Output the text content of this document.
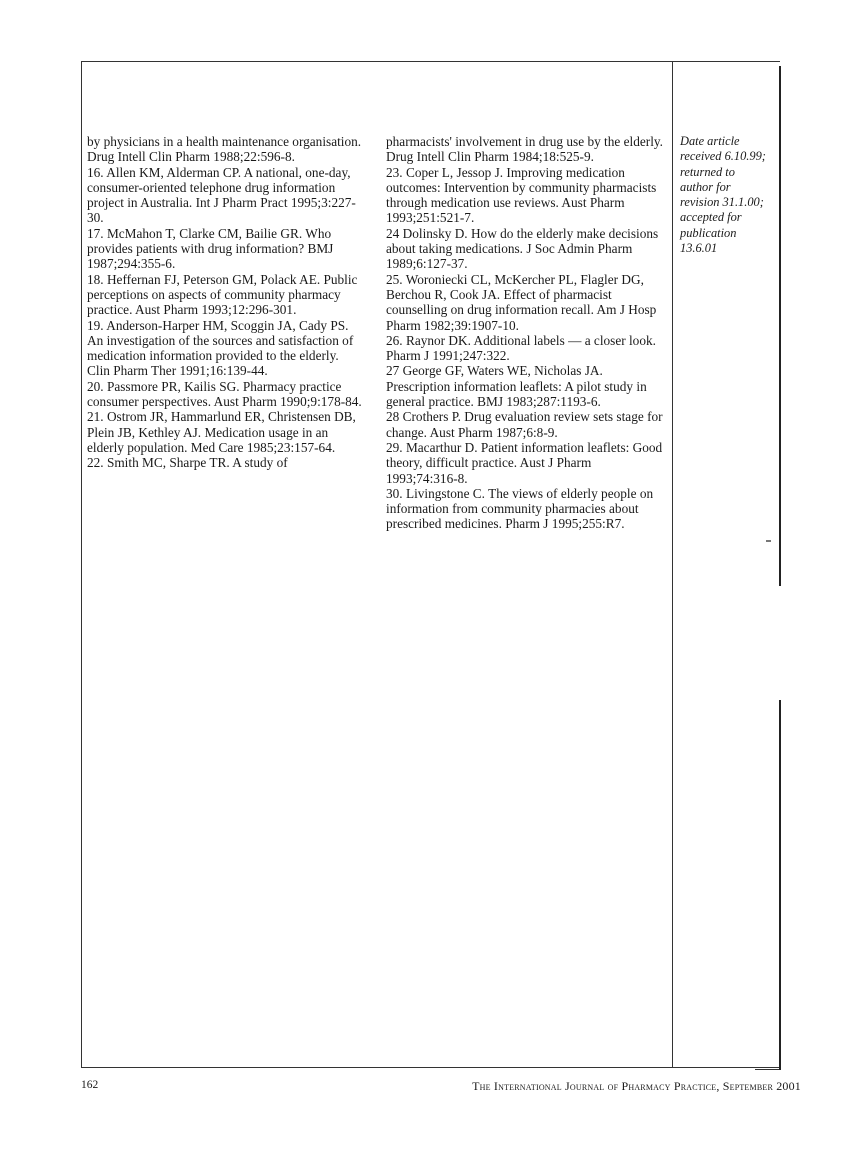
by physicians in a health maintenance organisation. Drug Intell Clin Pharm 1988;22:596-8.

16. Allen KM, Alderman CP. A national, one-day, consumer-oriented telephone drug information project in Australia. Int J Pharm Pract 1995;3:227-30.

17. McMahon T, Clarke CM, Bailie GR. Who provides patients with drug information? BMJ 1987;294:355-6.

18. Heffernan FJ, Peterson GM, Polack AE. Public perceptions on aspects of community pharmacy practice. Aust Pharm 1993;12:296-301.

19. Anderson-Harper HM, Scoggin JA, Cady PS. An investigation of the sources and satisfaction of medication information provided to the elderly. Clin Pharm Ther 1991;16:139-44.

20. Passmore PR, Kailis SG. Pharmacy practice consumer perspectives. Aust Pharm 1990;9:178-84.

21. Ostrom JR, Hammarlund ER, Christensen DB, Plein JB, Kethley AJ. Medication usage in an elderly population. Med Care 1985;23:157-64.

22. Smith MC, Sharpe TR. A study of

pharmacists' involvement in drug use by the elderly. Drug Intell Clin Pharm 1984;18:525-9.

23. Coper L, Jessop J. Improving medication outcomes: Intervention by community pharmacists through medication use reviews. Aust Pharm 1993;251:521-7.

24 Dolinsky D. How do the elderly make decisions about taking medications. J Soc Admin Pharm 1989;6:127-37.

25. Woroniecki CL, McKercher PL, Flagler DG, Berchou R, Cook JA. Effect of pharmacist counselling on drug information recall. Am J Hosp Pharm 1982;39:1907-10.

26. Raynor DK. Additional labels — a closer look. Pharm J 1991;247:322.

27 George GF, Waters WE, Nicholas JA. Prescription information leaflets: A pilot study in general practice. BMJ 1983;287:1193-6.

28 Crothers P. Drug evaluation review sets stage for change. Aust Pharm 1987;6:8-9.

29. Macarthur D. Patient information leaflets: Good theory, difficult practice. Aust J Pharm 1993;74:316-8.

30. Livingstone C. The views of elderly people on information from community pharmacies about prescribed medicines. Pharm J 1995;255:R7.

Date article
received 6.10.99;
returned to
author for
revision 31.1.00;
accepted for
publication
13.6.01
162	The International Journal of Pharmacy Practice, September 2001
